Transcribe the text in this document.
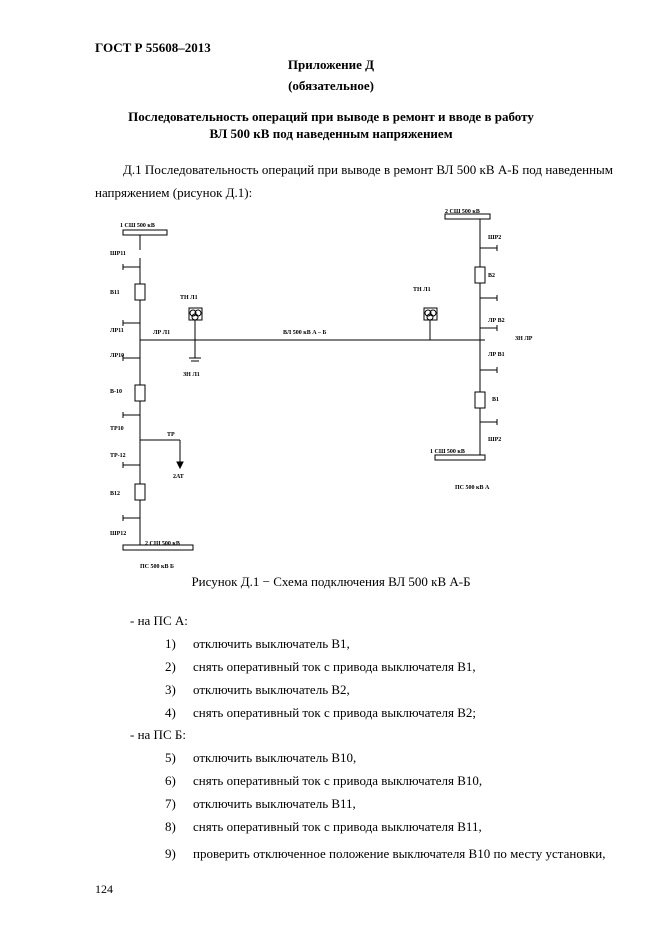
ГОСТ Р 55608–2013
Приложение Д
(обязательное)
Последовательность операций при выводе в ремонт и вводе в работу
ВЛ 500 кВ под наведенным напряжением
Д.1 Последовательность операций при выводе в ремонт ВЛ 500 кВ А-Б под наведенным напряжением (рисунок Д.1):
1 СШ 500 кВ
ШР11
В11
ЛР11
ЛР10
В-10
ТР10
ТР-12
В12
ШР12
ТР
2АТ
ЛР Л1
ТН Л1
ЗН Л1
ВЛ 500 кВ А – Б
ТН Л1
2 СШ 500 кВ
ШР2
В2
ЛР В2
ЗН ЛР
ЛР В1
В1
ШР2
1 СШ 500 кВ
2 СШ 500 кВ
ПС 500 кВ Б
ПС 500 кВ А
Рисунок Д.1 − Схема подключения ВЛ 500 кВ А-Б
- на ПС А:
1)	отключить выключатель В1,
2)	снять оперативный ток с привода выключателя В1,
3)	отключить выключатель В2,
4)	снять оперативный ток с привода выключателя В2;
- на ПС Б:
5)	отключить выключатель В10,
6)	снять оперативный ток с привода выключателя В10,
7)	отключить выключатель В11,
8)	снять оперативный ток с привода выключателя В11,
9)	проверить отключенное положение выключателя В10 по месту установки,
124
